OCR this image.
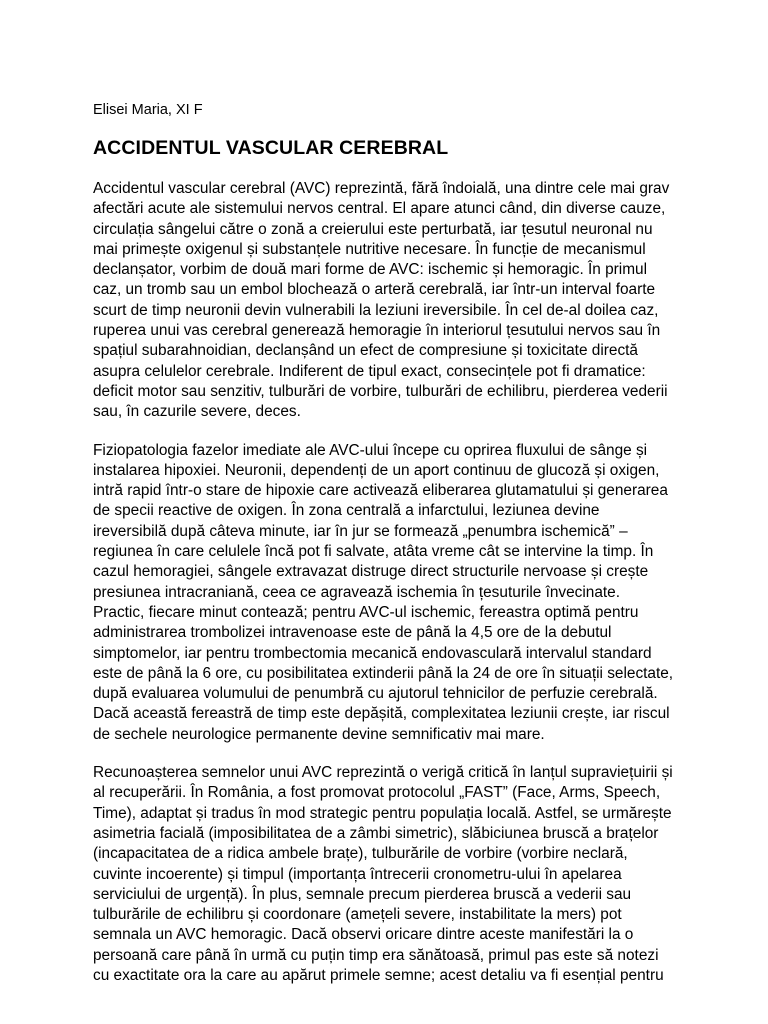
Elisei Maria, XI F
ACCIDENTUL VASCULAR CEREBRAL

Accidentul vascular cerebral (AVC) reprezintă, fără îndoială, una dintre cele mai grav afectări acute ale sistemului nervos central. El apare atunci când, din diverse cauze, circulația sângelui către o zonă a creierului este perturbată, iar țesutul neuronal nu mai primește oxigenul și substanțele nutritive necesare. În funcție de mecanismul declanșator, vorbim de două mari forme de AVC: ischemic și hemoragic. În primul caz, un tromb sau un embol blochează o arteră cerebrală, iar într-un interval foarte scurt de timp neuronii devin vulnerabili la leziuni ireversibile. În cel de-al doilea caz, ruperea unui vas cerebral generează hemoragie în interiorul țesutului nervos sau în spațiul subarahnoidian, declanșând un efect de compresiune și toxicitate directă asupra celulelor cerebrale. Indiferent de tipul exact, consecințele pot fi dramatice: deficit motor sau senzitiv, tulburări de vorbire, tulburări de echilibru, pierderea vederii sau, în cazurile severe, deces.

Fiziopatologia fazelor imediate ale AVC-ului începe cu oprirea fluxului de sânge și instalarea hipoxiei. Neuronii, dependenți de un aport continuu de glucoză și oxigen, intră rapid într-o stare de hipoxie care activează eliberarea glutamatului și generarea de specii reactive de oxigen. În zona centrală a infarctului, leziunea devine ireversibilă după câteva minute, iar în jur se formează „penumbra ischemică” – regiunea în care celulele încă pot fi salvate, atâta vreme cât se intervine la timp. În cazul hemoragiei, sângele extravazat distruge direct structurile nervoase și crește presiunea intracraniană, ceea ce agravează ischemia în țesuturile învecinate. Practic, fiecare minut contează; pentru AVC-ul ischemic, fereastra optimă pentru administrarea trombolizei intravenoase este de până la 4,5 ore de la debutul simptomelor, iar pentru trombectomia mecanică endovasculară intervalul standard este de până la 6 ore, cu posibilitatea extinderii până la 24 de ore în situații selectate, după evaluarea volumului de penumbră cu ajutorul tehnicilor de perfuzie cerebrală. Dacă această fereastră de timp este depășită, complexitatea leziunii crește, iar riscul de sechele neurologice permanente devine semnificativ mai mare.

Recunoașterea semnelor unui AVC reprezintă o verigă critică în lanțul supraviețuirii și al recuperării. În România, a fost promovat protocolul „FAST” (Face, Arms, Speech, Time), adaptat și tradus în mod strategic pentru populația locală. Astfel, se urmărește asimetria facială (imposibilitatea de a zâmbi simetric), slăbiciunea bruscă a brațelor (incapacitatea de a ridica ambele brațe), tulburările de vorbire (vorbire neclară, cuvinte incoerente) și timpul (importanța întrecerii cronometru-ului în apelarea serviciului de urgență). În plus, semnale precum pierderea bruscă a vederii sau tulburările de echilibru și coordonare (amețeli severe, instabilitate la mers) pot semnala un AVC hemoragic. Dacă observi oricare dintre aceste manifestări la o persoană care până în urmă cu puțin timp era sănătoasă, primul pas este să notezi cu exactitate ora la care au apărut primele semne; acest detaliu va fi esențial pentru
